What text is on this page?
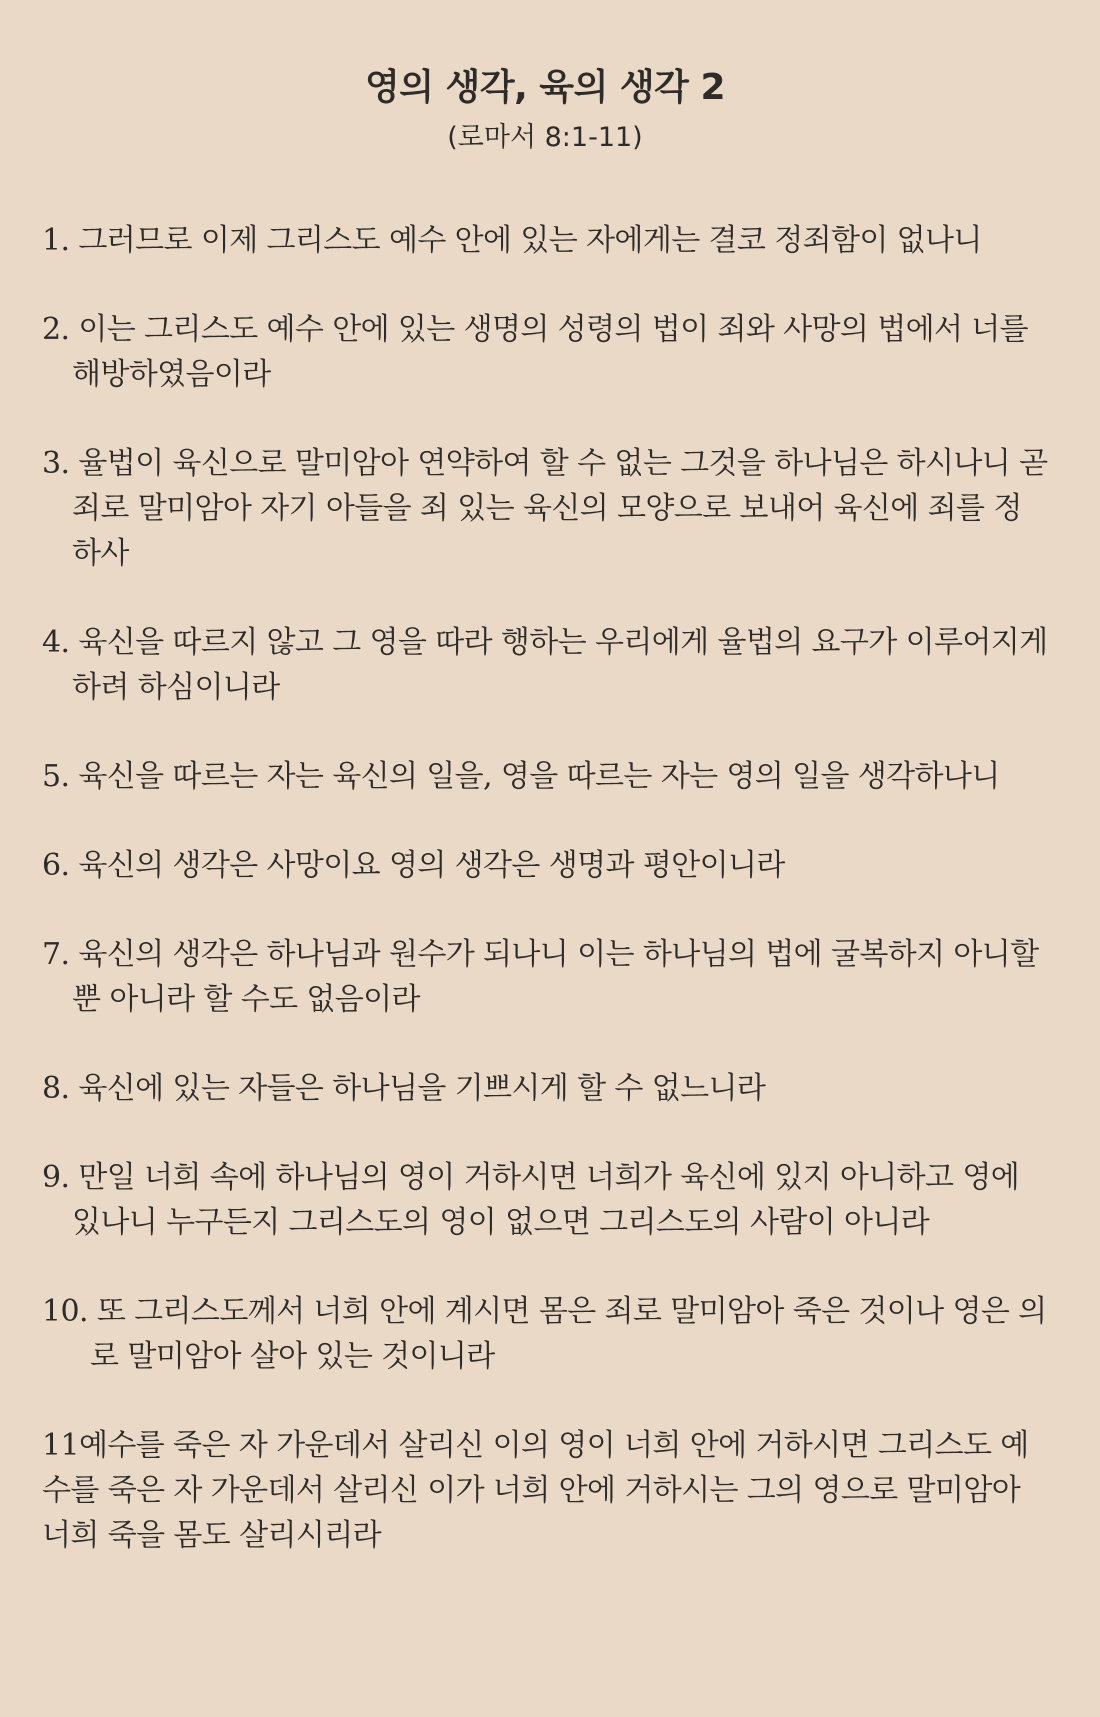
영의 생각, 육의 생각 2

(로마서 8:1-11)

1. 그러므로 이제 그리스도 예수 안에 있는 자에게는 결코 정죄함이 없나니
2. 이는 그리스도 예수 안에 있는 생명의 성령의 법이 죄와 사망의 법에서 너를 해방하였음이라
3. 율법이 육신으로 말미암아 연약하여 할 수 없는 그것을 하나님은 하시나니 곧 죄로 말미암아 자기 아들을 죄 있는 육신의 모양으로 보내어 육신에 죄를 정하사
4. 육신을 따르지 않고 그 영을 따라 행하는 우리에게 율법의 요구가 이루어지게 하려 하심이니라
5. 육신을 따르는 자는 육신의 일을, 영을 따르는 자는 영의 일을 생각하나니
6. 육신의 생각은 사망이요 영의 생각은 생명과 평안이니라
7. 육신의 생각은 하나님과 원수가 되나니 이는 하나님의 법에 굴복하지 아니할 뿐 아니라 할 수도 없음이라
8. 육신에 있는 자들은 하나님을 기쁘시게 할 수 없느니라
9. 만일 너희 속에 하나님의 영이 거하시면 너희가 육신에 있지 아니하고 영에 있나니 누구든지 그리스도의 영이 없으면 그리스도의 사람이 아니라
10. 또 그리스도께서 너희 안에 계시면 몸은 죄로 말미암아 죽은 것이나 영은 의로 말미암아 살아 있는 것이니라
11예수를 죽은 자 가운데서 살리신 이의 영이 너희 안에 거하시면 그리스도 예수를 죽은 자 가운데서 살리신 이가 너희 안에 거하시는 그의 영으로 말미암아 너희 죽을 몸도 살리시리라
